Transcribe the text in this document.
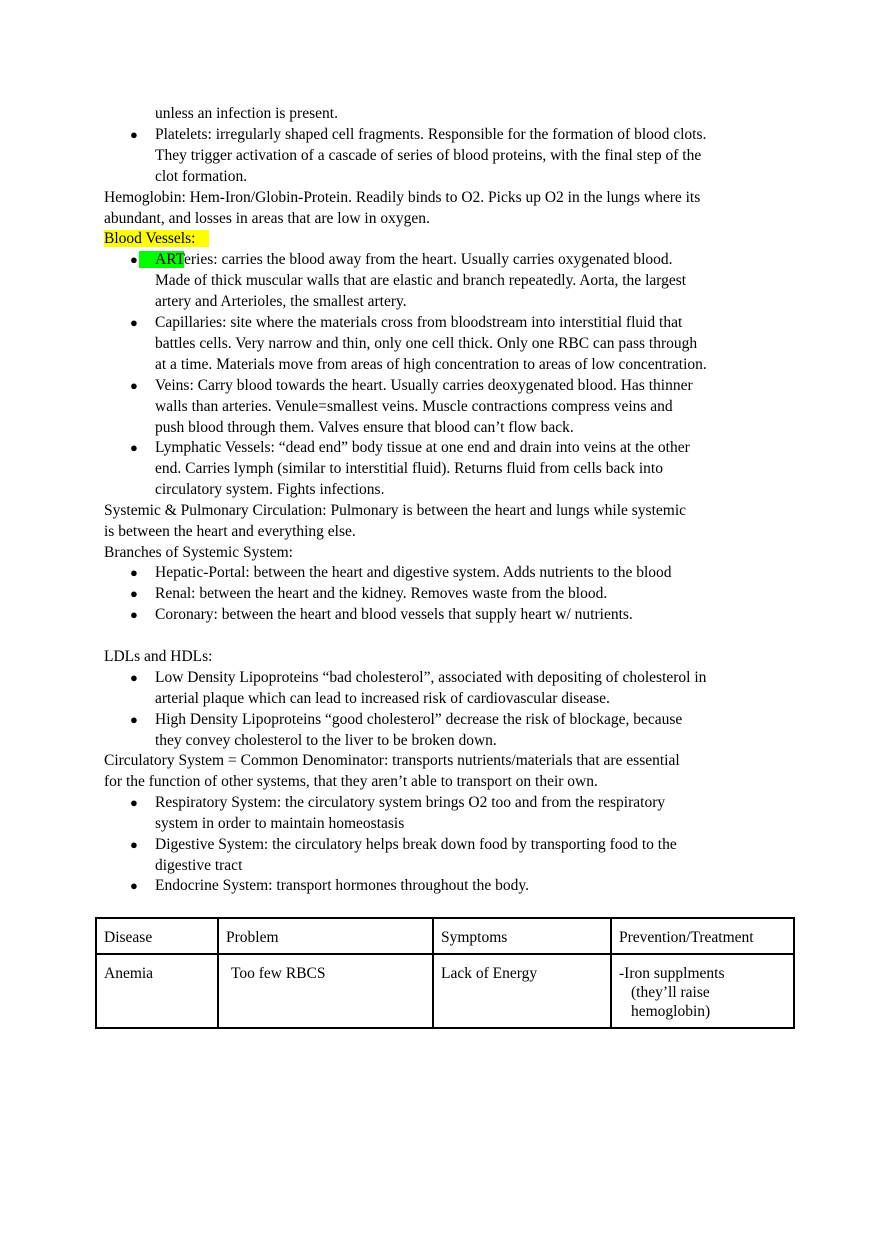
unless an infection is present.
● Platelets: irregularly shaped cell fragments. Responsible for the formation of blood clots.
They trigger activation of a cascade of series of blood proteins, with the final step of the
clot formation.
Hemoglobin: Hem-Iron/Globin-Protein. Readily binds to O2. Picks up O2 in the lungs where its
abundant, and losses in areas that are low in oxygen.
Blood Vessels:
●	ARTeries: carries the blood away from the heart. Usually carries oxygenated blood.
Made of thick muscular walls that are elastic and branch repeatedly. Aorta, the largest
artery and Arterioles, the smallest artery.
● Capillaries: site where the materials cross from bloodstream into interstitial fluid that
battles cells. Very narrow and thin, only one cell thick. Only one RBC can pass through
at a time. Materials move from areas of high concentration to areas of low concentration.
● Veins: Carry blood towards the heart. Usually carries deoxygenated blood. Has thinner
walls than arteries. Venule=smallest veins. Muscle contractions compress veins and
push blood through them. Valves ensure that blood can’t flow back.
● Lymphatic Vessels: “dead end” body tissue at one end and drain into veins at the other
end. Carries lymph (similar to interstitial fluid). Returns fluid from cells back into
circulatory system. Fights infections.
Systemic & Pulmonary Circulation: Pulmonary is between the heart and lungs while systemic
is between the heart and everything else.
Branches of Systemic System:
● Hepatic-Portal: between the heart and digestive system. Adds nutrients to the blood
● Renal: between the heart and the kidney. Removes waste from the blood.
● Coronary: between the heart and blood vessels that supply heart w/ nutrients.
LDLs and HDLs:
● Low Density Lipoproteins “bad cholesterol”, associated with depositing of cholesterol in
arterial plaque which can lead to increased risk of cardiovascular disease.
● High Density Lipoproteins “good cholesterol” decrease the risk of blockage, because
they convey cholesterol to the liver to be broken down.
Circulatory System = Common Denominator: transports nutrients/materials that are essential
for the function of other systems, that they aren’t able to transport on their own.
● Respiratory System: the circulatory system brings O2 too and from the respiratory
system in order to maintain homeostasis
● Digestive System: the circulatory helps break down food by transporting food to the
digestive tract
● Endocrine System: transport hormones throughout the body.
Disease	Problem	Symptoms	Prevention/Treatment
Anemia	Too few RBCS	Lack of Energy	-Iron supplments
(they’ll raise hemoglobin)
